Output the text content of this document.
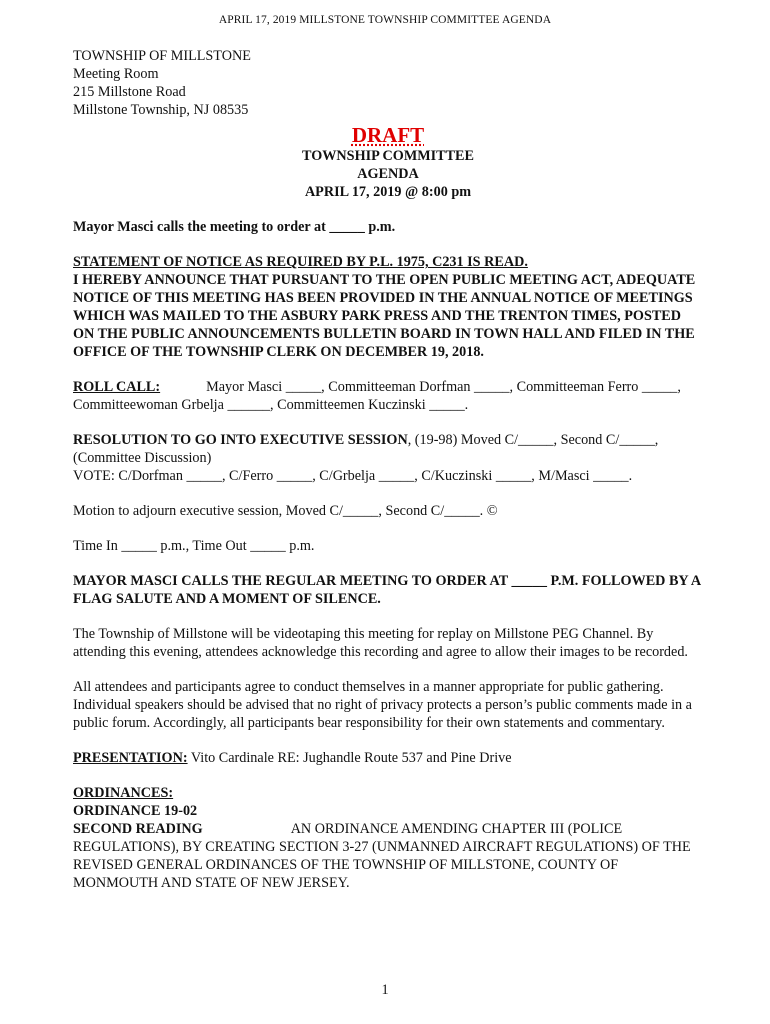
APRIL 17, 2019 MILLSTONE TOWNSHIP COMMITTEE AGENDA
TOWNSHIP OF MILLSTONE
Meeting Room
215 Millstone Road
Millstone Township, NJ 08535
DRAFT
TOWNSHIP COMMITTEE
AGENDA
APRIL 17, 2019 @ 8:00 pm

Mayor Masci calls the meeting to order at _____ p.m.

STATEMENT OF NOTICE AS REQUIRED BY P.L. 1975, C231 IS READ.

I HEREBY ANNOUNCE THAT PURSUANT TO THE OPEN PUBLIC MEETING ACT, ADEQUATE NOTICE OF THIS MEETING HAS BEEN PROVIDED IN THE ANNUAL NOTICE OF MEETINGS WHICH WAS MAILED TO THE ASBURY PARK PRESS AND THE TRENTON TIMES, POSTED ON THE PUBLIC ANNOUNCEMENTS BULLETIN BOARD IN TOWN HALL AND FILED IN THE OFFICE OF THE TOWNSHIP CLERK ON DECEMBER 19, 2018.

ROLL CALL:	Mayor Masci _____, Committeeman Dorfman _____, Committeeman Ferro _____, Committeewoman Grbelja ______, Committeemen Kuczinski _____.

RESOLUTION TO GO INTO EXECUTIVE SESSION, (19-98) Moved C/_____, Second C/_____,

(Committee Discussion)

VOTE: C/Dorfman _____, C/Ferro _____, C/Grbelja _____, C/Kuczinski _____, M/Masci _____.

Motion to adjourn executive session, Moved C/_____, Second C/_____. ©

Time In _____ p.m., Time Out _____ p.m.

MAYOR MASCI CALLS THE REGULAR MEETING TO ORDER AT _____ P.M. FOLLOWED BY A FLAG SALUTE AND A MOMENT OF SILENCE.

The Township of Millstone will be videotaping this meeting for replay on Millstone PEG Channel. By attending this evening, attendees acknowledge this recording and agree to allow their images to be recorded.

All attendees and participants agree to conduct themselves in a manner appropriate for public gathering. Individual speakers should be advised that no right of privacy protects a person’s public comments made in a public forum. Accordingly, all participants bear responsibility for their own statements and commentary.

PRESENTATION: Vito Cardinale RE: Jughandle Route 537 and Pine Drive

ORDINANCES:

ORDINANCE 19-02

SECOND READING	AN ORDINANCE AMENDING CHAPTER III (POLICE REGULATIONS), BY CREATING SECTION 3-27 (UNMANNED AIRCRAFT REGULATIONS) OF THE REVISED GENERAL ORDINANCES OF THE TOWNSHIP OF MILLSTONE, COUNTY OF MONMOUTH AND STATE OF NEW JERSEY.

1
